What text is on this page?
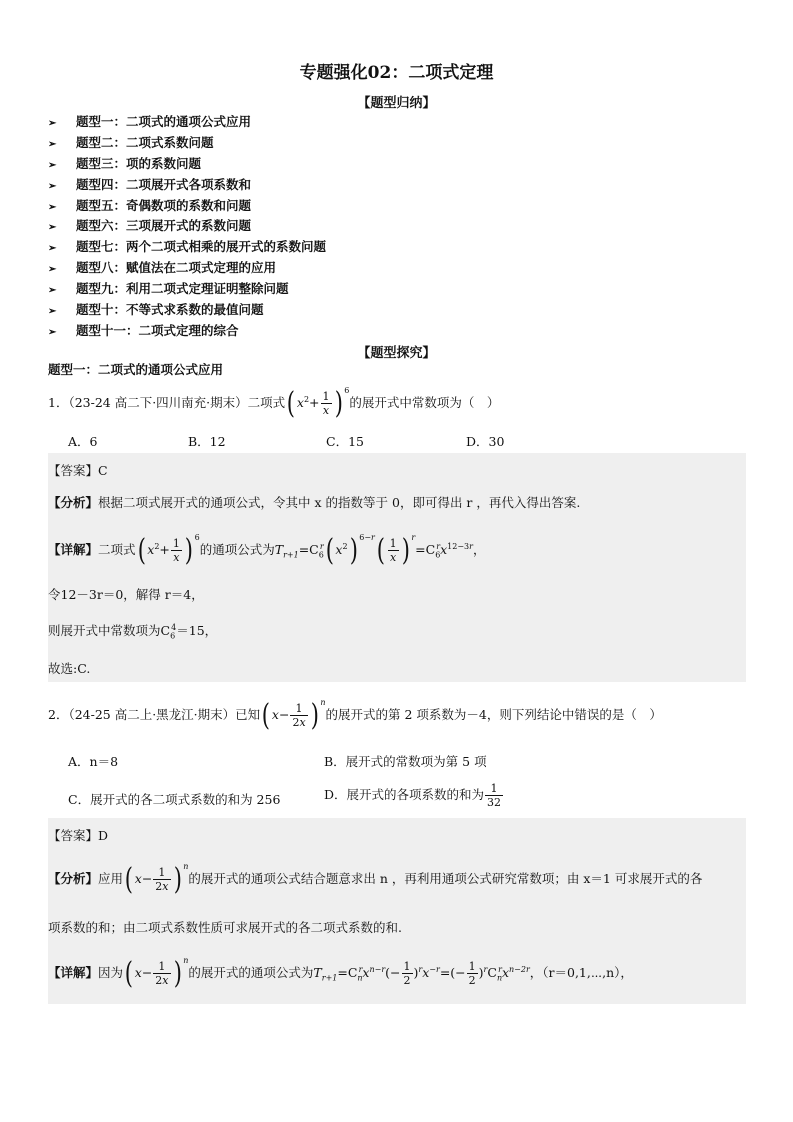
专题强化02：二项式定理
【题型归纳】
➢ 题型一：二项式的通项公式应用
➢ 题型二：二项式系数问题
➢ 题型三：项的系数问题
➢ 题型四：二项展开式各项系数和
➢ 题型五：奇偶数项的系数和问题
➢ 题型六：三项展开式的系数问题
➢ 题型七：两个二项式相乘的展开式的系数问题
➢ 题型八：赋值法在二项式定理的应用
➢ 题型九：利用二项式定理证明整除问题
➢ 题型十：不等式求系数的最值问题
➢ 题型十一：二项式定理的综合
【题型探究】
题型一：二项式的通项公式应用
1．（23-24 高二下·四川南充·期末）二项式( $x^2+ \frac{1}{x}$ ) $^6$的展开式中常数项为（　）
A．6	B．12	C．15	D．30
【答案】C
【分析】根据二项式展开式的通项公式，令其中 x 的指数等于 0，即可得出 r ，再代入得出答案.
【详解】二项式( $x^2+ \frac{1}{x}$ ) $^6$的通项公式为$T_{r+1}=C_6^r$( $x^2$) $^{6-r}( \frac{1}{x}$ ) $^r=C_6^rx^{12-3r}$，
令12－3r＝0，解得 r＝4，
则展开式中常数项为$C_6^4=15$，
故选:C.
2．（24-25 高二上·黑龙江·期末）已知( $x- \frac{1}{2x}$ ) $^n$的展开式的第 2 项系数为－4，则下列结论中错误的是（　）
A．n＝8	B．展开式的常数项为第 5 项
C．展开式的各二项式系数的和为 256	D．展开式的各项系数的和为 $\frac{1}{32}$
【答案】D
【分析】应用( $x- \frac{1}{2x}$ ) $^n$的展开式的通项公式结合题意求出 n ，再利用通项公式研究常数项；由 x＝1 可求展开式的各
项系数的和；由二项式系数性质可求展开式的各二项式系数的和.
【详解】因为( $x- \frac{1}{2x}$ ) $^n$的展开式的通项公式为$T_{r+1}=C_n^rx^{n-r}(- \frac{1}{2} )^rx^{-r}=(- \frac{1}{2} )^rC_n^rx^{n-2r}$，（r＝0,1,⋯,n），
